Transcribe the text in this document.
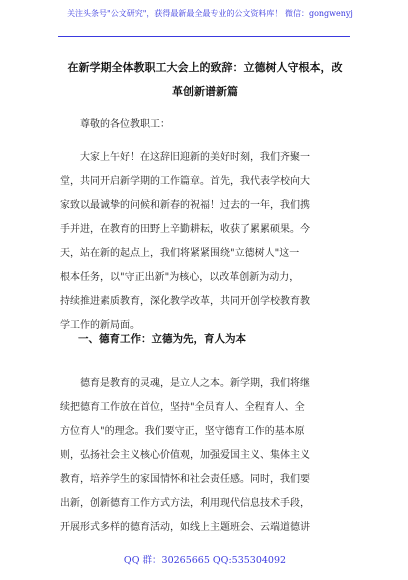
关注头条号"公文研究"，获得最新最全最专业的公文资料库！ 微信：gongwenyj
在新学期全体教职工大会上的致辞：立德树人守根本，改
革创新谱新篇
尊敬的各位教职工：
大家上午好！在这辞旧迎新的美好时刻，我们齐聚一
堂，共同开启新学期的工作篇章。首先，我代表学校向大
家致以最诚挚的问候和新春的祝福！过去的一年，我们携
手并进，在教育的田野上辛勤耕耘，收获了累累硕果。今
天，站在新的起点上，我们将紧紧围绕"立德树人"这一
根本任务，以"守正出新"为核心，以改革创新为动力，
持续推进素质教育，深化教学改革，共同开创学校教育教
学工作的新局面。
一、德育工作：立德为先，育人为本
德育是教育的灵魂，是立人之本。新学期，我们将继
续把德育工作放在首位，坚持"全员育人、全程育人、全
方位育人"的理念。我们要守正，坚守德育工作的基本原
则，弘扬社会主义核心价值观，加强爱国主义、集体主义
教育，培养学生的家国情怀和社会责任感。同时，我们要
出新，创新德育工作方式方法，利用现代信息技术手段，
开展形式多样的德育活动，如线上主题班会、云端道德讲
QQ 群：30265665 QQ:535304092
